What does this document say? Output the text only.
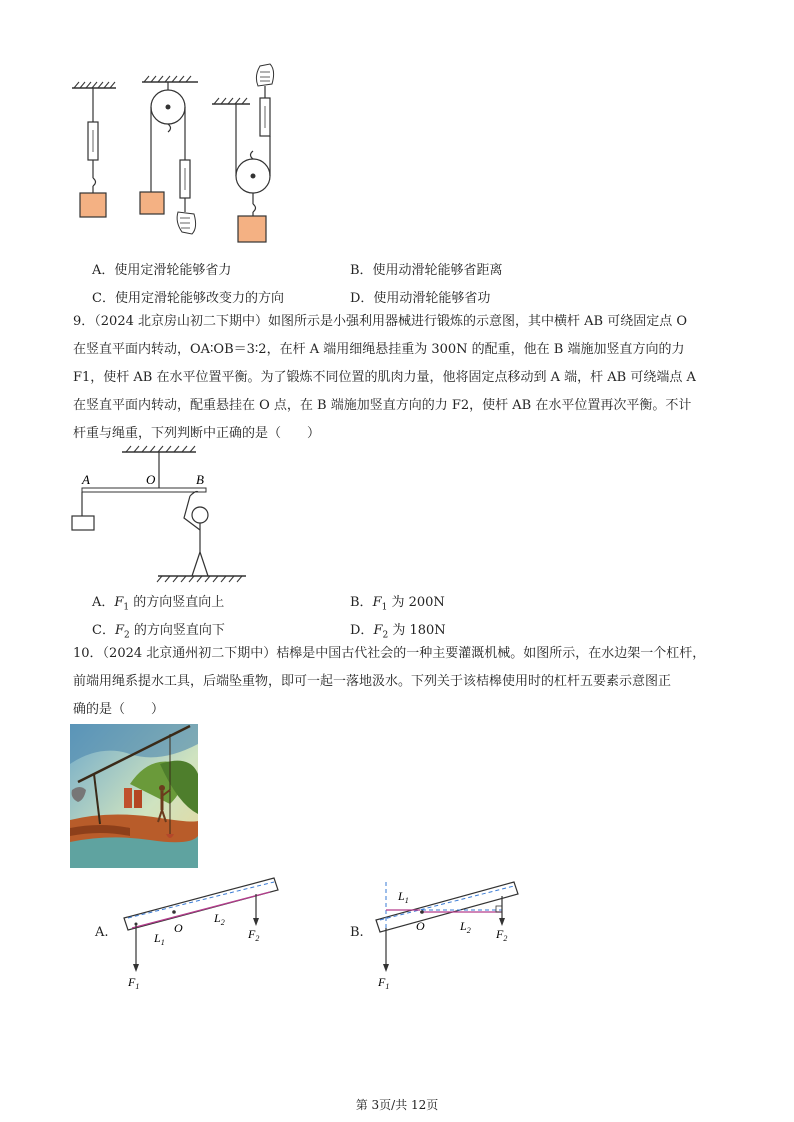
A．使用定滑轮能够省力	B．使用动滑轮能够省距离
C．使用定滑轮能够改变力的方向	D．使用动滑轮能够省功
9．（2024 北京房山初二下期中）如图所示是小强利用器械进行锻炼的示意图，其中横杆 AB 可绕固定点 O
在竖直平面内转动，OA∶OB＝3∶2，在杆 A 端用细绳悬挂重为 300N 的配重，他在 B 端施加竖直方向的力
F1，使杆 AB 在水平位置平衡。为了锻炼不同位置的肌肉力量，他将固定点移动到 A 端，杆 AB 可绕端点 A
在竖直平面内转动，配重悬挂在 O 点，在 B 端施加竖直方向的力 F2，使杆 AB 在水平位置再次平衡。不计
杆重与绳重，下列判断中正确的是（　　）
A	O	B
A．$F_1$ 的方向竖直向上	B．$F_1$ 为 200N
C．$F_2$ 的方向竖直向下	D．$F_2$ 为 180N
10．（2024 北京通州初二下期中）桔槔是中国古代社会的一种主要灌溉机械。如图所示，在水边架一个杠杆，
前端用绳系提水工具，后端坠重物，即可一起一落地汲水。下列关于该桔槔使用时的杠杆五要素示意图正
确的是（　　）
A.	O
$L_1$
$L_2$
$F_1$
$F_2$	B.	O
$L_1$
$L_2$
$F_1$
$F_2$
第 3页/共 12页
